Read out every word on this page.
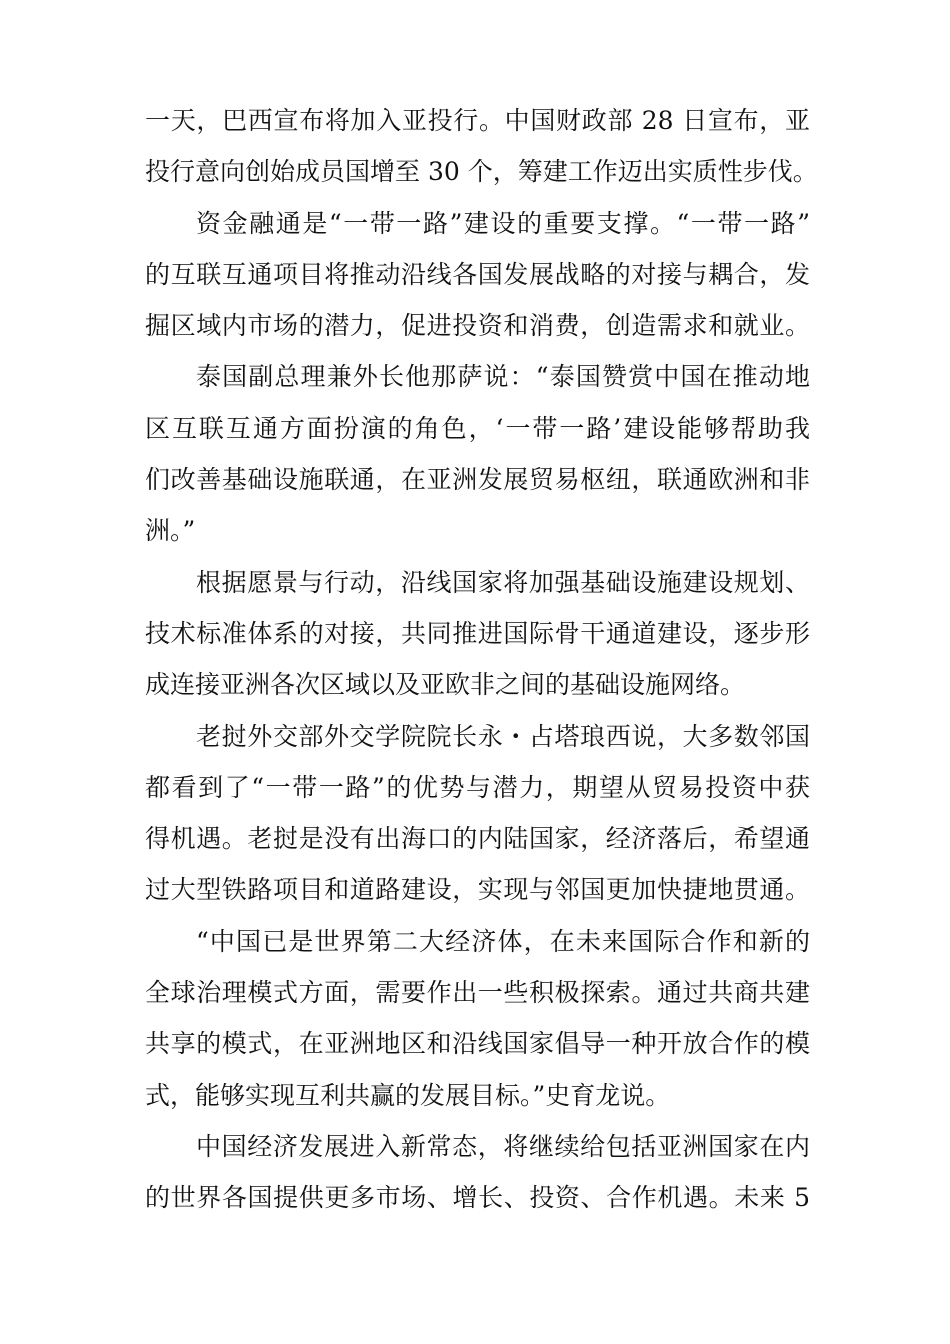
一天，巴西宣布将加入亚投行。中国财政部 28 日宣布，亚
投行意向创始成员国增至 30 个，筹建工作迈出实质性步伐。
资金融通是“一带一路”建设的重要支撑。“一带一路”
的互联互通项目将推动沿线各国发展战略的对接与耦合，发
掘区域内市场的潜力，促进投资和消费，创造需求和就业。
泰国副总理兼外长他那萨说：“泰国赞赏中国在推动地
区互联互通方面扮演的角色，‘一带一路’建设能够帮助我
们改善基础设施联通，在亚洲发展贸易枢纽，联通欧洲和非
洲。”
根据愿景与行动，沿线国家将加强基础设施建设规划、
技术标准体系的对接，共同推进国际骨干通道建设，逐步形
成连接亚洲各次区域以及亚欧非之间的基础设施网络。
老挝外交部外交学院院长永・占塔琅西说，大多数邻国
都看到了“一带一路”的优势与潜力，期望从贸易投资中获
得机遇。老挝是没有出海口的内陆国家，经济落后，希望通
过大型铁路项目和道路建设，实现与邻国更加快捷地贯通。
“中国已是世界第二大经济体，在未来国际合作和新的
全球治理模式方面，需要作出一些积极探索。通过共商共建
共享的模式，在亚洲地区和沿线国家倡导一种开放合作的模
式，能够实现互利共赢的发展目标。”史育龙说。
中国经济发展进入新常态，将继续给包括亚洲国家在内
的世界各国提供更多市场、增长、投资、合作机遇。未来 5
